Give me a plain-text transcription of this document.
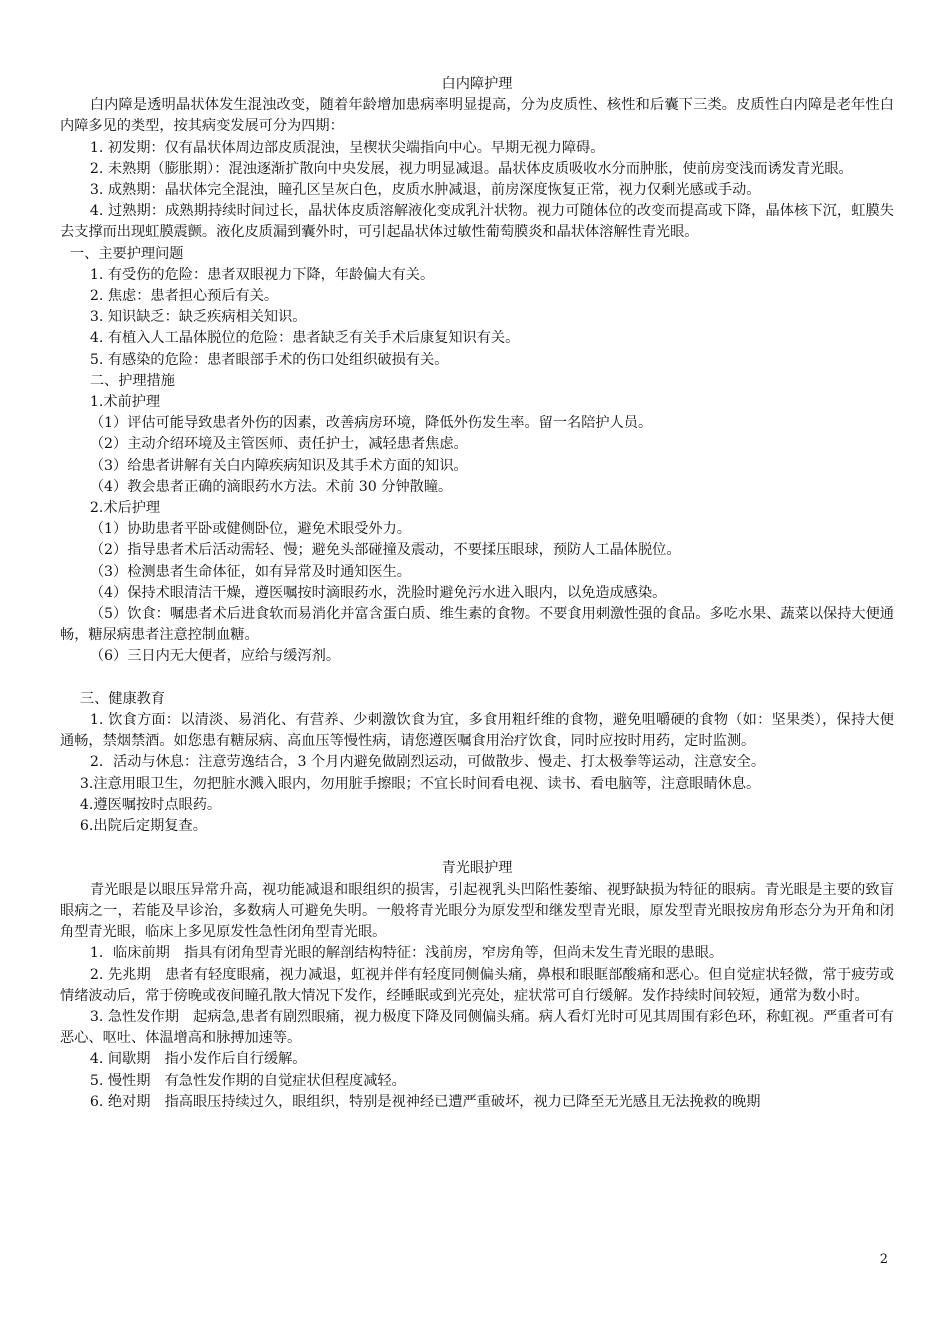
白内障护理

白内障是透明晶状体发生混浊改变，随着年龄增加患病率明显提高，分为皮质性、核性和后囊下三类。皮质性白内障是老年性白内障多见的类型，按其病变发展可分为四期：

1. 初发期：仅有晶状体周边部皮质混浊，呈楔状尖端指向中心。早期无视力障碍。

2. 未熟期（膨胀期）：混浊逐渐扩散向中央发展，视力明显减退。晶状体皮质吸收水分而肿胀，使前房变浅而诱发青光眼。

3. 成熟期：晶状体完全混浊，瞳孔区呈灰白色，皮质水肿减退，前房深度恢复正常，视力仅剩光感或手动。

4. 过熟期：成熟期持续时间过长，晶状体皮质溶解液化变成乳汁状物。视力可随体位的改变而提高或下降，晶体核下沉，虹膜失去支撑而出现虹膜震颤。液化皮质漏到囊外时，可引起晶状体过敏性葡萄膜炎和晶状体溶解性青光眼。

一、主要护理问题

1. 有受伤的危险：患者双眼视力下降，年龄偏大有关。

2. 焦虑：患者担心预后有关。

3. 知识缺乏：缺乏疾病相关知识。

4. 有植入人工晶体脱位的危险：患者缺乏有关手术后康复知识有关。

5. 有感染的危险：患者眼部手术的伤口处组织破损有关。

二、护理措施

1.术前护理

（1）评估可能导致患者外伤的因素，改善病房环境，降低外伤发生率。留一名陪护人员。

（2）主动介绍环境及主管医师、责任护士，减轻患者焦虑。

（3）给患者讲解有关白内障疾病知识及其手术方面的知识。

（4）教会患者正确的滴眼药水方法。术前 30 分钟散瞳。

2.术后护理

（1）协助患者平卧或健侧卧位，避免术眼受外力。

（2）指导患者术后活动需轻、慢；避免头部碰撞及震动，不要揉压眼球，预防人工晶体脱位。

（3）检测患者生命体征，如有异常及时通知医生。

（4）保持术眼清洁干燥，遵医嘱按时滴眼药水，洗脸时避免污水进入眼内，以免造成感染。

（5）饮食：嘱患者术后进食软而易消化并富含蛋白质、维生素的食物。不要食用刺激性强的食品。多吃水果、蔬菜以保持大便通畅，糖尿病患者注意控制血糖。

（6）三日内无大便者，应给与缓泻剂。

三、健康教育

1. 饮食方面：以清淡、易消化、有营养、少刺激饮食为宜，多食用粗纤维的食物，避免咀嚼硬的食物（如：坚果类），保持大便通畅，禁烟禁酒。如您患有糖尿病、高血压等慢性病，请您遵医嘱食用治疗饮食，同时应按时用药，定时监测。

2．活动与休息：注意劳逸结合，3 个月内避免做剧烈运动，可做散步、慢走、打太极拳等运动，注意安全。

3.注意用眼卫生，勿把脏水溅入眼内，勿用脏手擦眼；不宜长时间看电视、读书、看电脑等，注意眼睛休息。

4.遵医嘱按时点眼药。

6.出院后定期复查。

青光眼护理

青光眼是以眼压异常升高，视功能减退和眼组织的损害，引起视乳头凹陷性萎缩、视野缺损为特征的眼病。青光眼是主要的致盲眼病之一，若能及早诊治，多数病人可避免失明。一般将青光眼分为原发型和继发型青光眼，原发型青光眼按房角形态分为开角和闭角型青光眼，临床上多见原发性急性闭角型青光眼。

1．临床前期　指具有闭角型青光眼的解剖结构特征：浅前房，窄房角等，但尚未发生青光眼的患眼。

2. 先兆期　患者有轻度眼痛，视力减退，虹视并伴有轻度同侧偏头痛，鼻根和眼眶部酸痛和恶心。但自觉症状轻微，常于疲劳或情绪波动后，常于傍晚或夜间瞳孔散大情况下发作，经睡眠或到光亮处，症状常可自行缓解。发作持续时间较短，通常为数小时。

3. 急性发作期　起病急,患者有剧烈眼痛，视力极度下降及同侧偏头痛。病人看灯光时可见其周围有彩色环，称虹视。严重者可有恶心、呕吐、体温增高和脉搏加速等。

4. 间歇期　指小发作后自行缓解。

5. 慢性期　有急性发作期的自觉症状但程度减轻。

6. 绝对期　指高眼压持续过久，眼组织，特别是视神经已遭严重破坏，视力已降至无光感且无法挽救的晚期

2
